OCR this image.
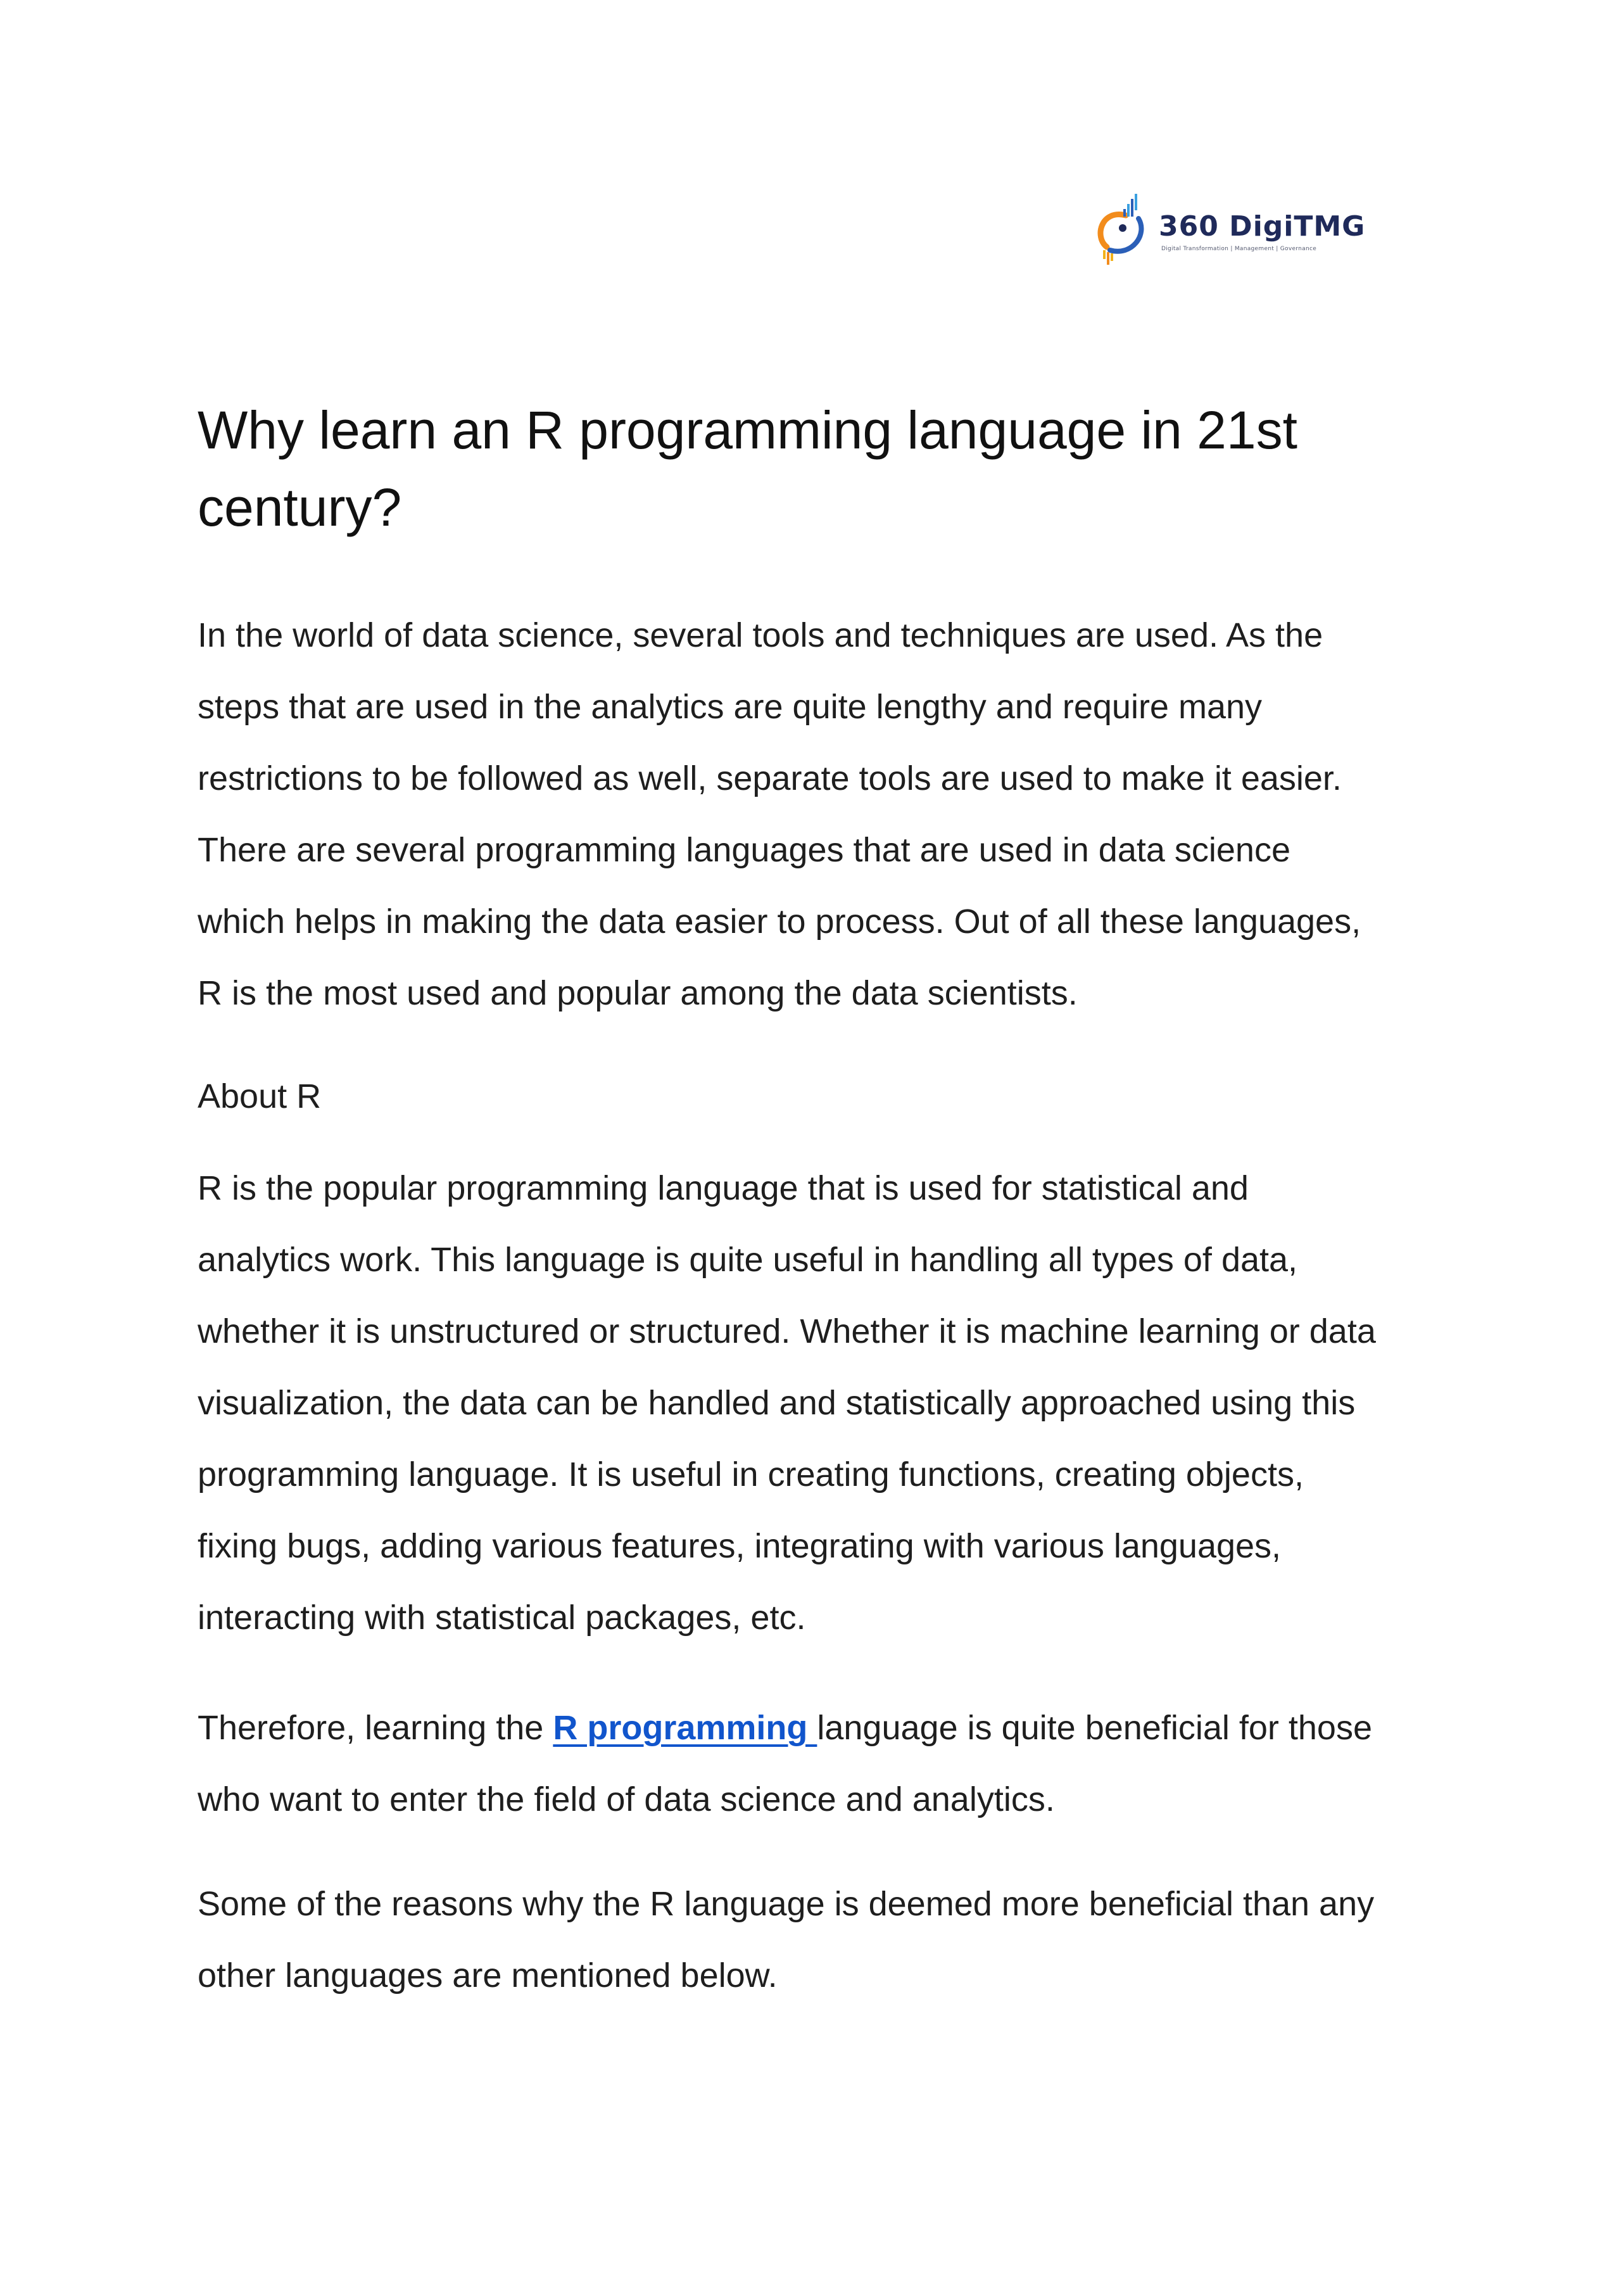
360 DigiTMG
Digital Transformation | Management | Governance
Why learn an R programming language in 21st century?
In the world of data science, several tools and techniques are used. As the
steps that are used in the analytics are quite lengthy and require many
restrictions to be followed as well, separate tools are used to make it easier.
There are several programming languages that are used in data science
which helps in making the data easier to process. Out of all these languages,
R is the most used and popular among the data scientists.
About R
R is the popular programming language that is used for statistical and
analytics work. This language is quite useful in handling all types of data,
whether it is unstructured or structured. Whether it is machine learning or data
visualization, the data can be handled and statistically approached using this
programming language. It is useful in creating functions, creating objects,
fixing bugs, adding various features, integrating with various languages,
interacting with statistical packages, etc.
Therefore, learning the R programming language is quite beneficial for those
who want to enter the field of data science and analytics.
Some of the reasons why the R language is deemed more beneficial than any
other languages are mentioned below.
